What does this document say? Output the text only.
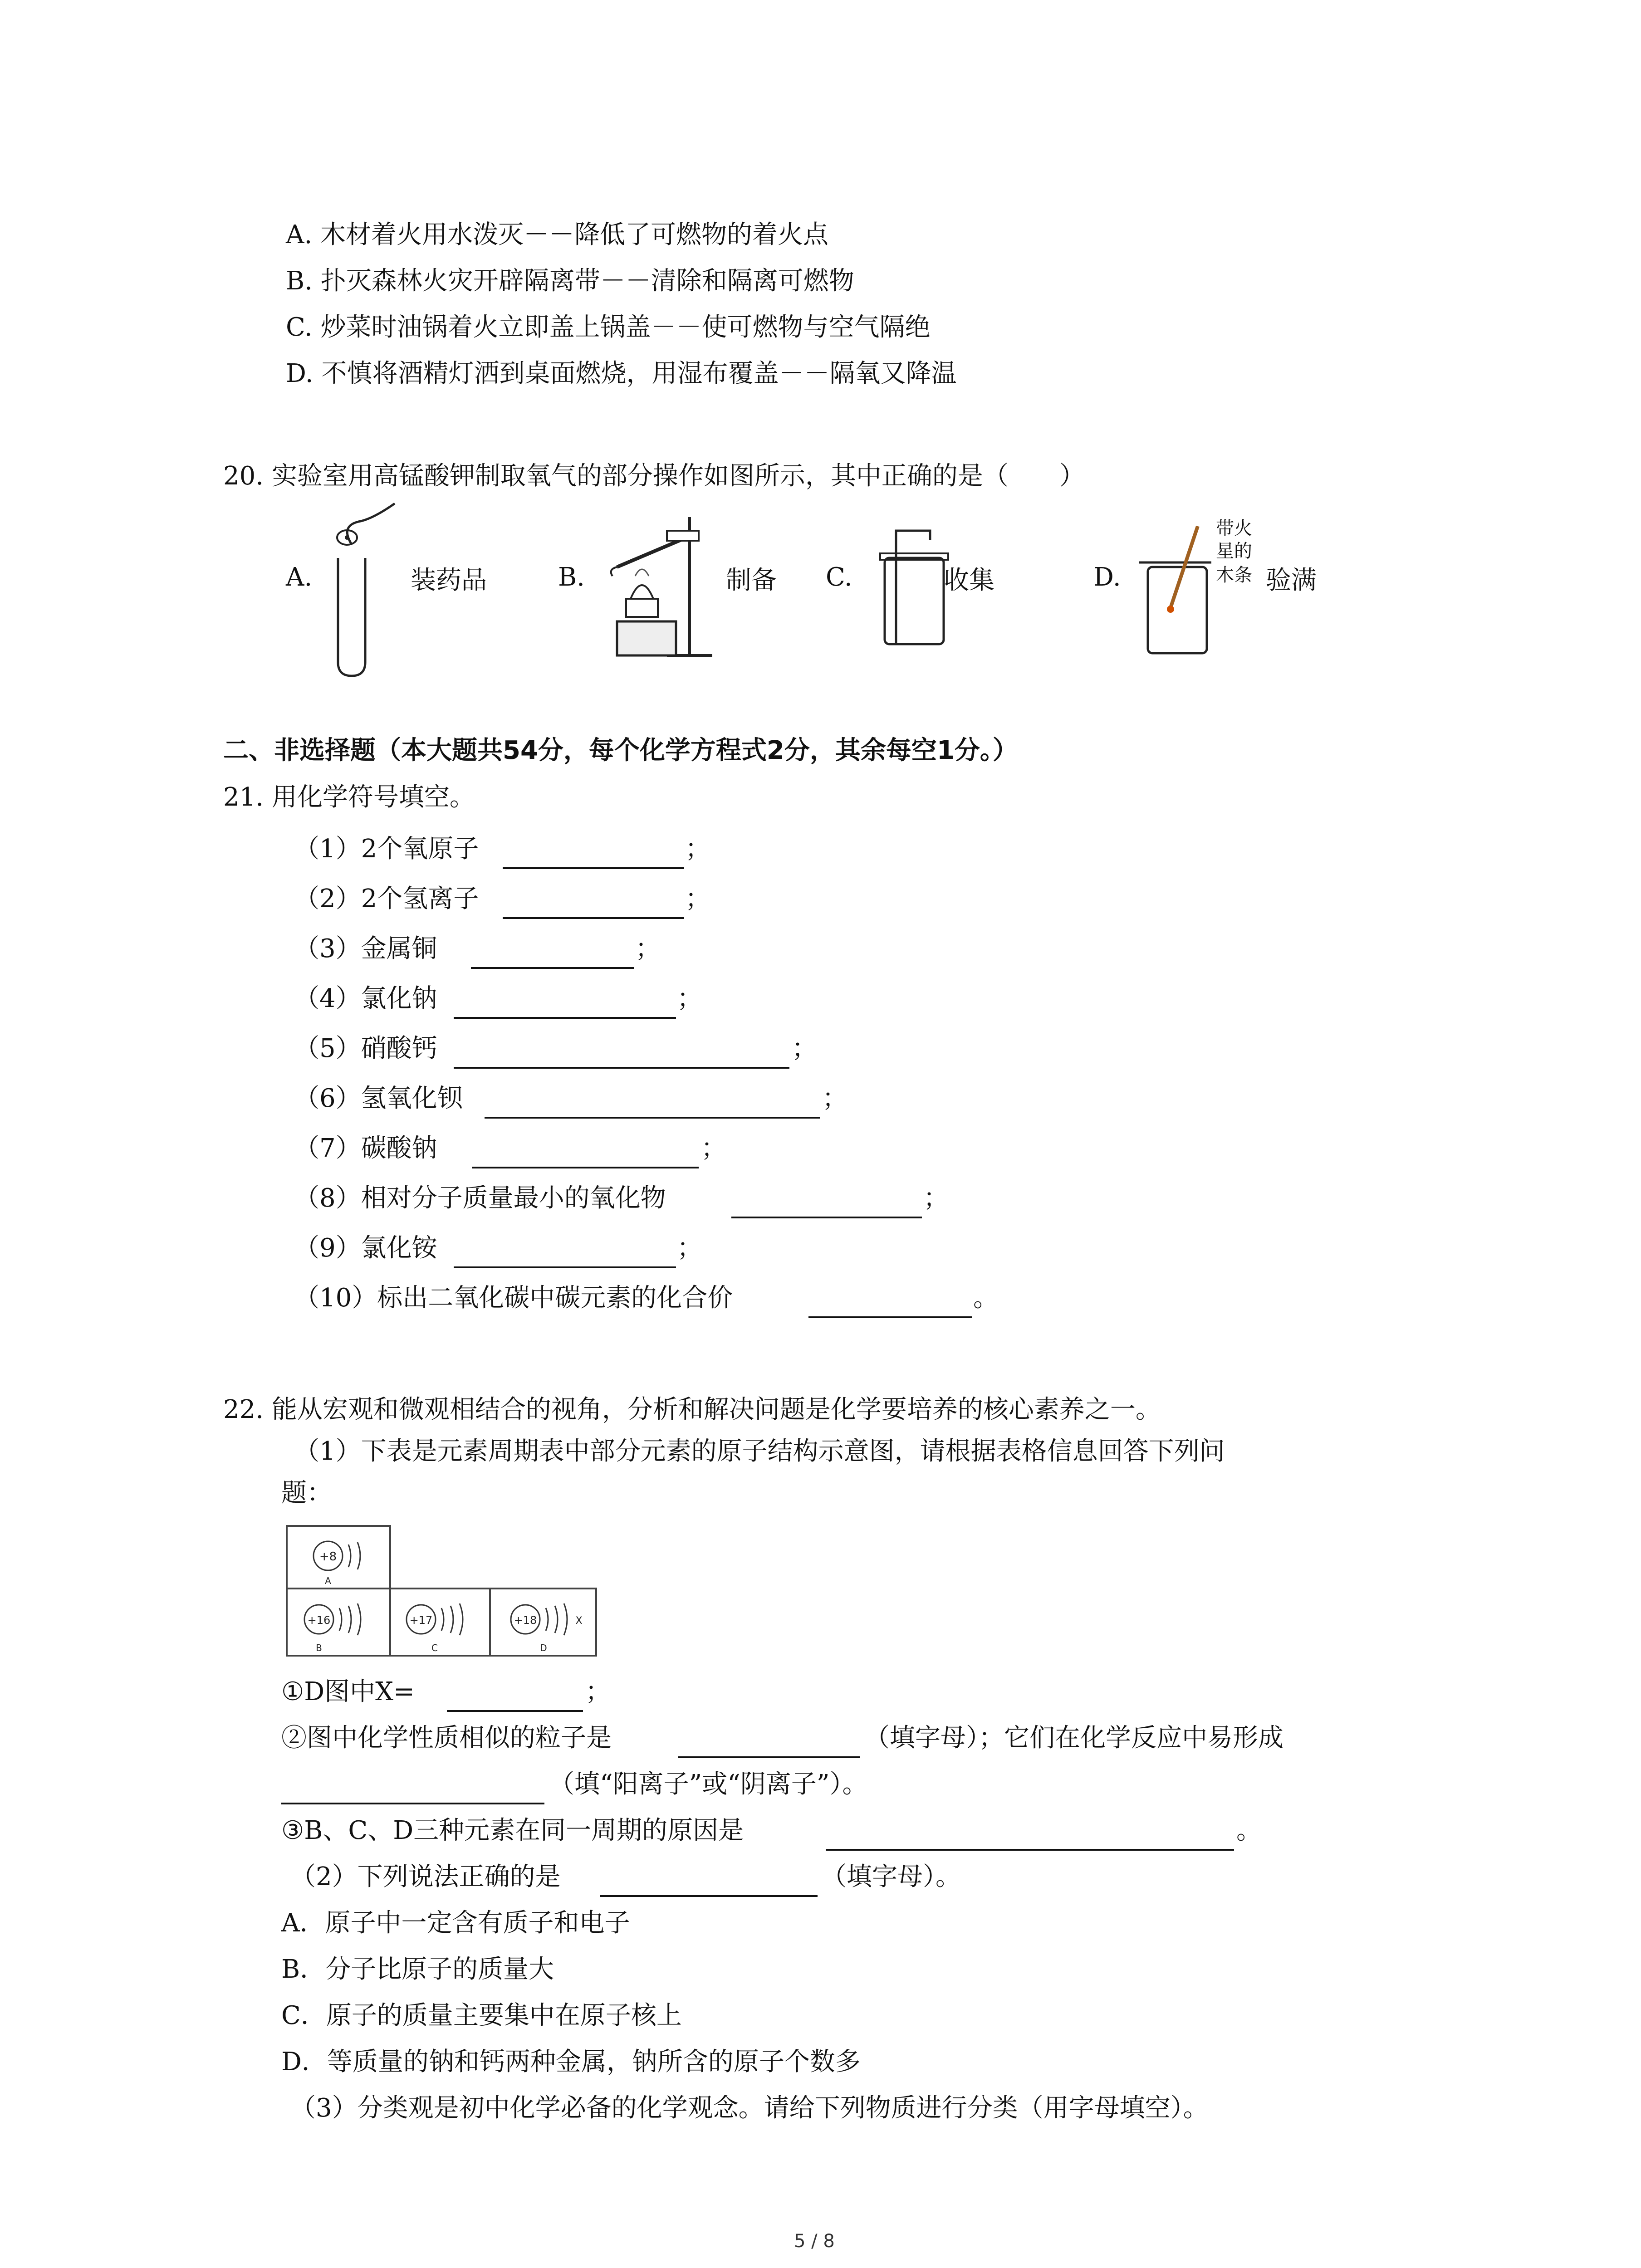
A. 木材着火用水泼灭－－降低了可燃物的着火点
B. 扑灭森林火灾开辟隔离带－－清除和隔离可燃物
C. 炒菜时油锅着火立即盖上锅盖－－使可燃物与空气隔绝
D. 不慎将酒精灯洒到桌面燃烧，用湿布覆盖－－隔氧又降温
20. 实验室用高锰酸钾制取氧气的部分操作如图所示，其中正确的是（　　）
A.	装药品	B.	制备 C.	收集	D.
带火
星的
木条 验满
二、非选择题（本大题共54分，每个化学方程式2分，其余每空1分。）
21. 用化学符号填空。
（1）2个氧原子	；
（2）2个氢离子	；
（3）金属铜	；
（4）氯化钠	；
（5）硝酸钙	；
（6）氢氧化钡	；
（7）碳酸钠	；
（8）相对分子质量最小的氧化物	；
（9）氯化铵	；
（10）标出二氧化碳中碳元素的化合价	。
22. 能从宏观和微观相结合的视角，分析和解决问题是化学要培养的核心素养之一。
（1）下表是元素周期表中部分元素的原子结构示意图，请根据表格信息回答下列问
题：
+8
A
+16
B
+17
C
+18	X
D
①D图中X=	；
②图中化学性质相似的粒子是	（填字母）；它们在化学反应中易形成
（填“阳离子”或“阴离子”）。
③B、C、D三种元素在同一周期的原因是	。
（2）下列说法正确的是	（填字母）。
A．原子中一定含有质子和电子
B．分子比原子的质量大
C．原子的质量主要集中在原子核上
D．等质量的钠和钙两种金属，钠所含的原子个数多
（3）分类观是初中化学必备的化学观念。请给下列物质进行分类（用字母填空）。
5 / 8
